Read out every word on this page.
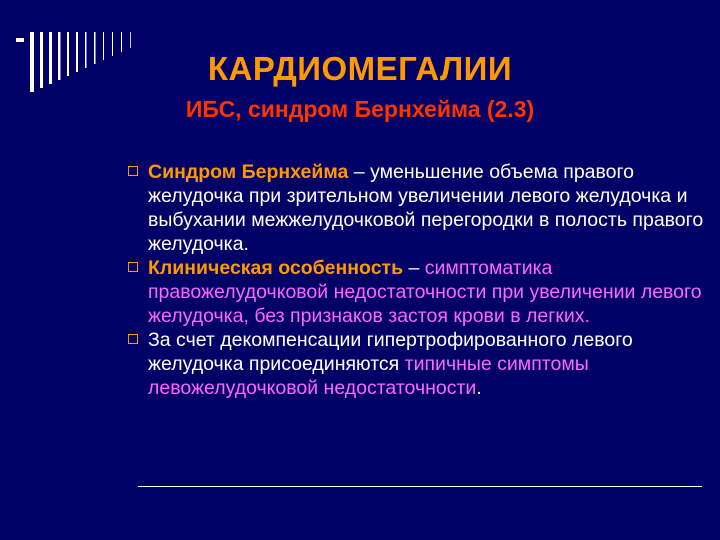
КАРДИОМЕГАЛИИ
ИБС, синдром Бернхейма (2.3)
Синдром Бернхейма – уменьшение объема правого желудочка при зрительном увеличении левого желудочка и выбухании межжелудочковой перегородки в полость правого желудочка.
Клиническая особенность – симптоматика правожелудочковой недостаточности при увеличении левого желудочка, без признаков застоя крови в легких.
За счет декомпенсации гипертрофированного левого желудочка присоединяются типичные симптомы левожелудочковой недостаточности.
